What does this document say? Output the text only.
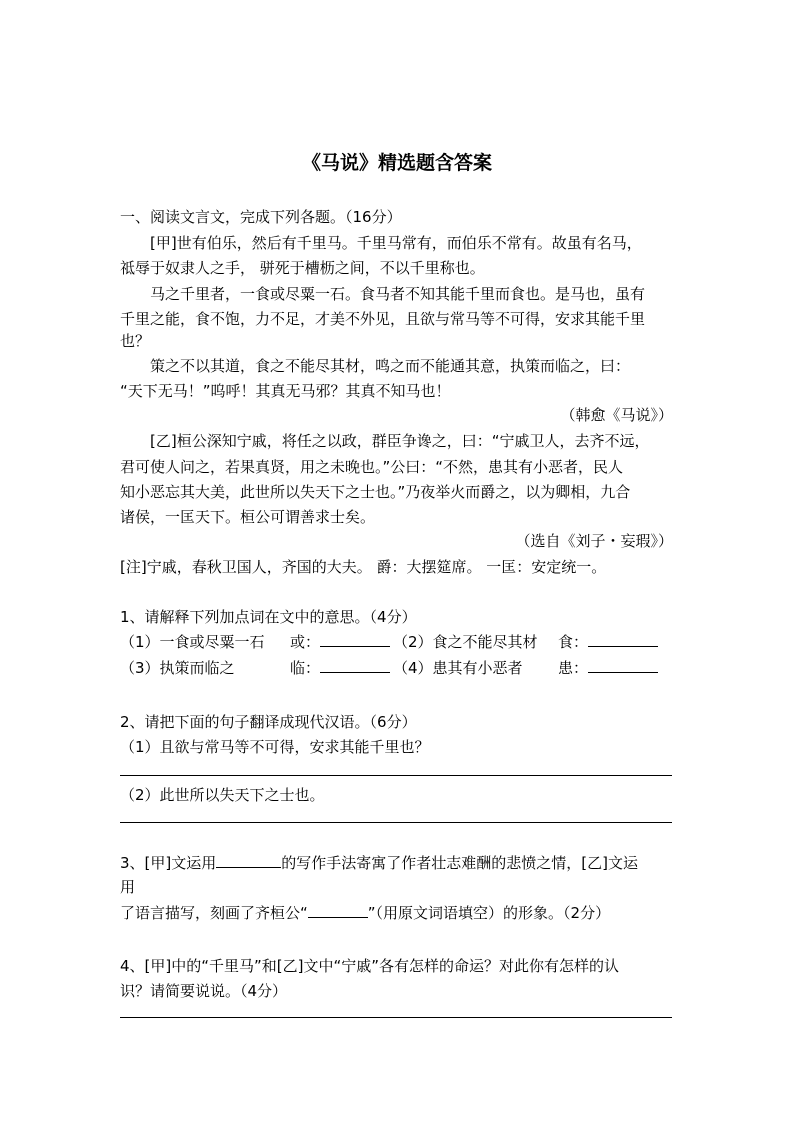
《马说》精选题含答案
一、阅读文言文，完成下列各题。（16分）
[甲]世有伯乐，然后有千里马。千里马常有，而伯乐不常有。故虽有名马，
祗辱于奴隶人之手， 骈死于槽枥之间，不以千里称也。
马之千里者，一食或尽粟一石。食马者不知其能千里而食也。是马也，虽有
千里之能，食不饱，力不足，才美不外见，且欲与常马等不可得，安求其能千里
也？
策之不以其道，食之不能尽其材，鸣之而不能通其意，执策而临之，曰：
“天下无马！”呜呼！其真无马邪？其真不知马也！
（韩愈《马说》）
[乙]桓公深知宁戚，将任之以政，群臣争谗之，曰：“宁戚卫人，去齐不远，
君可使人问之，若果真贤，用之未晚也。”公曰：“不然，患其有小恶者，民人
知小恶忘其大美，此世所以失天下之士也。”乃夜举火而爵之，以为卿相，九合
诸侯，一匡天下。桓公可谓善求士矣。
（选自《刘子・妄瑕》）
[注]宁戚，春秋卫国人，齐国的大夫。 爵：大摆筵席。 一匡：安定统一。
1、请解释下列加点词在文中的意思。（4分）
（1）一食或尽粟一石 或：	（2）食之不能尽其材 食：
（3）执策而临之	临：	（4）患其有小恶者 患：
2、请把下面的句子翻译成现代汉语。（6分）
（1）且欲与常马等不可得，安求其能千里也？
（2）此世所以失天下之士也。
3、[甲]文运用	的写作手法寄寓了作者壮志难酬的悲愤之情，[乙]文运
用
了语言描写，刻画了齐桓公“	”（用原文词语填空）的形象。（2分）
4、[甲]中的“千里马”和[乙]文中“宁戚”各有怎样的命运？对此你有怎样的认
识？请简要说说。（4分）
